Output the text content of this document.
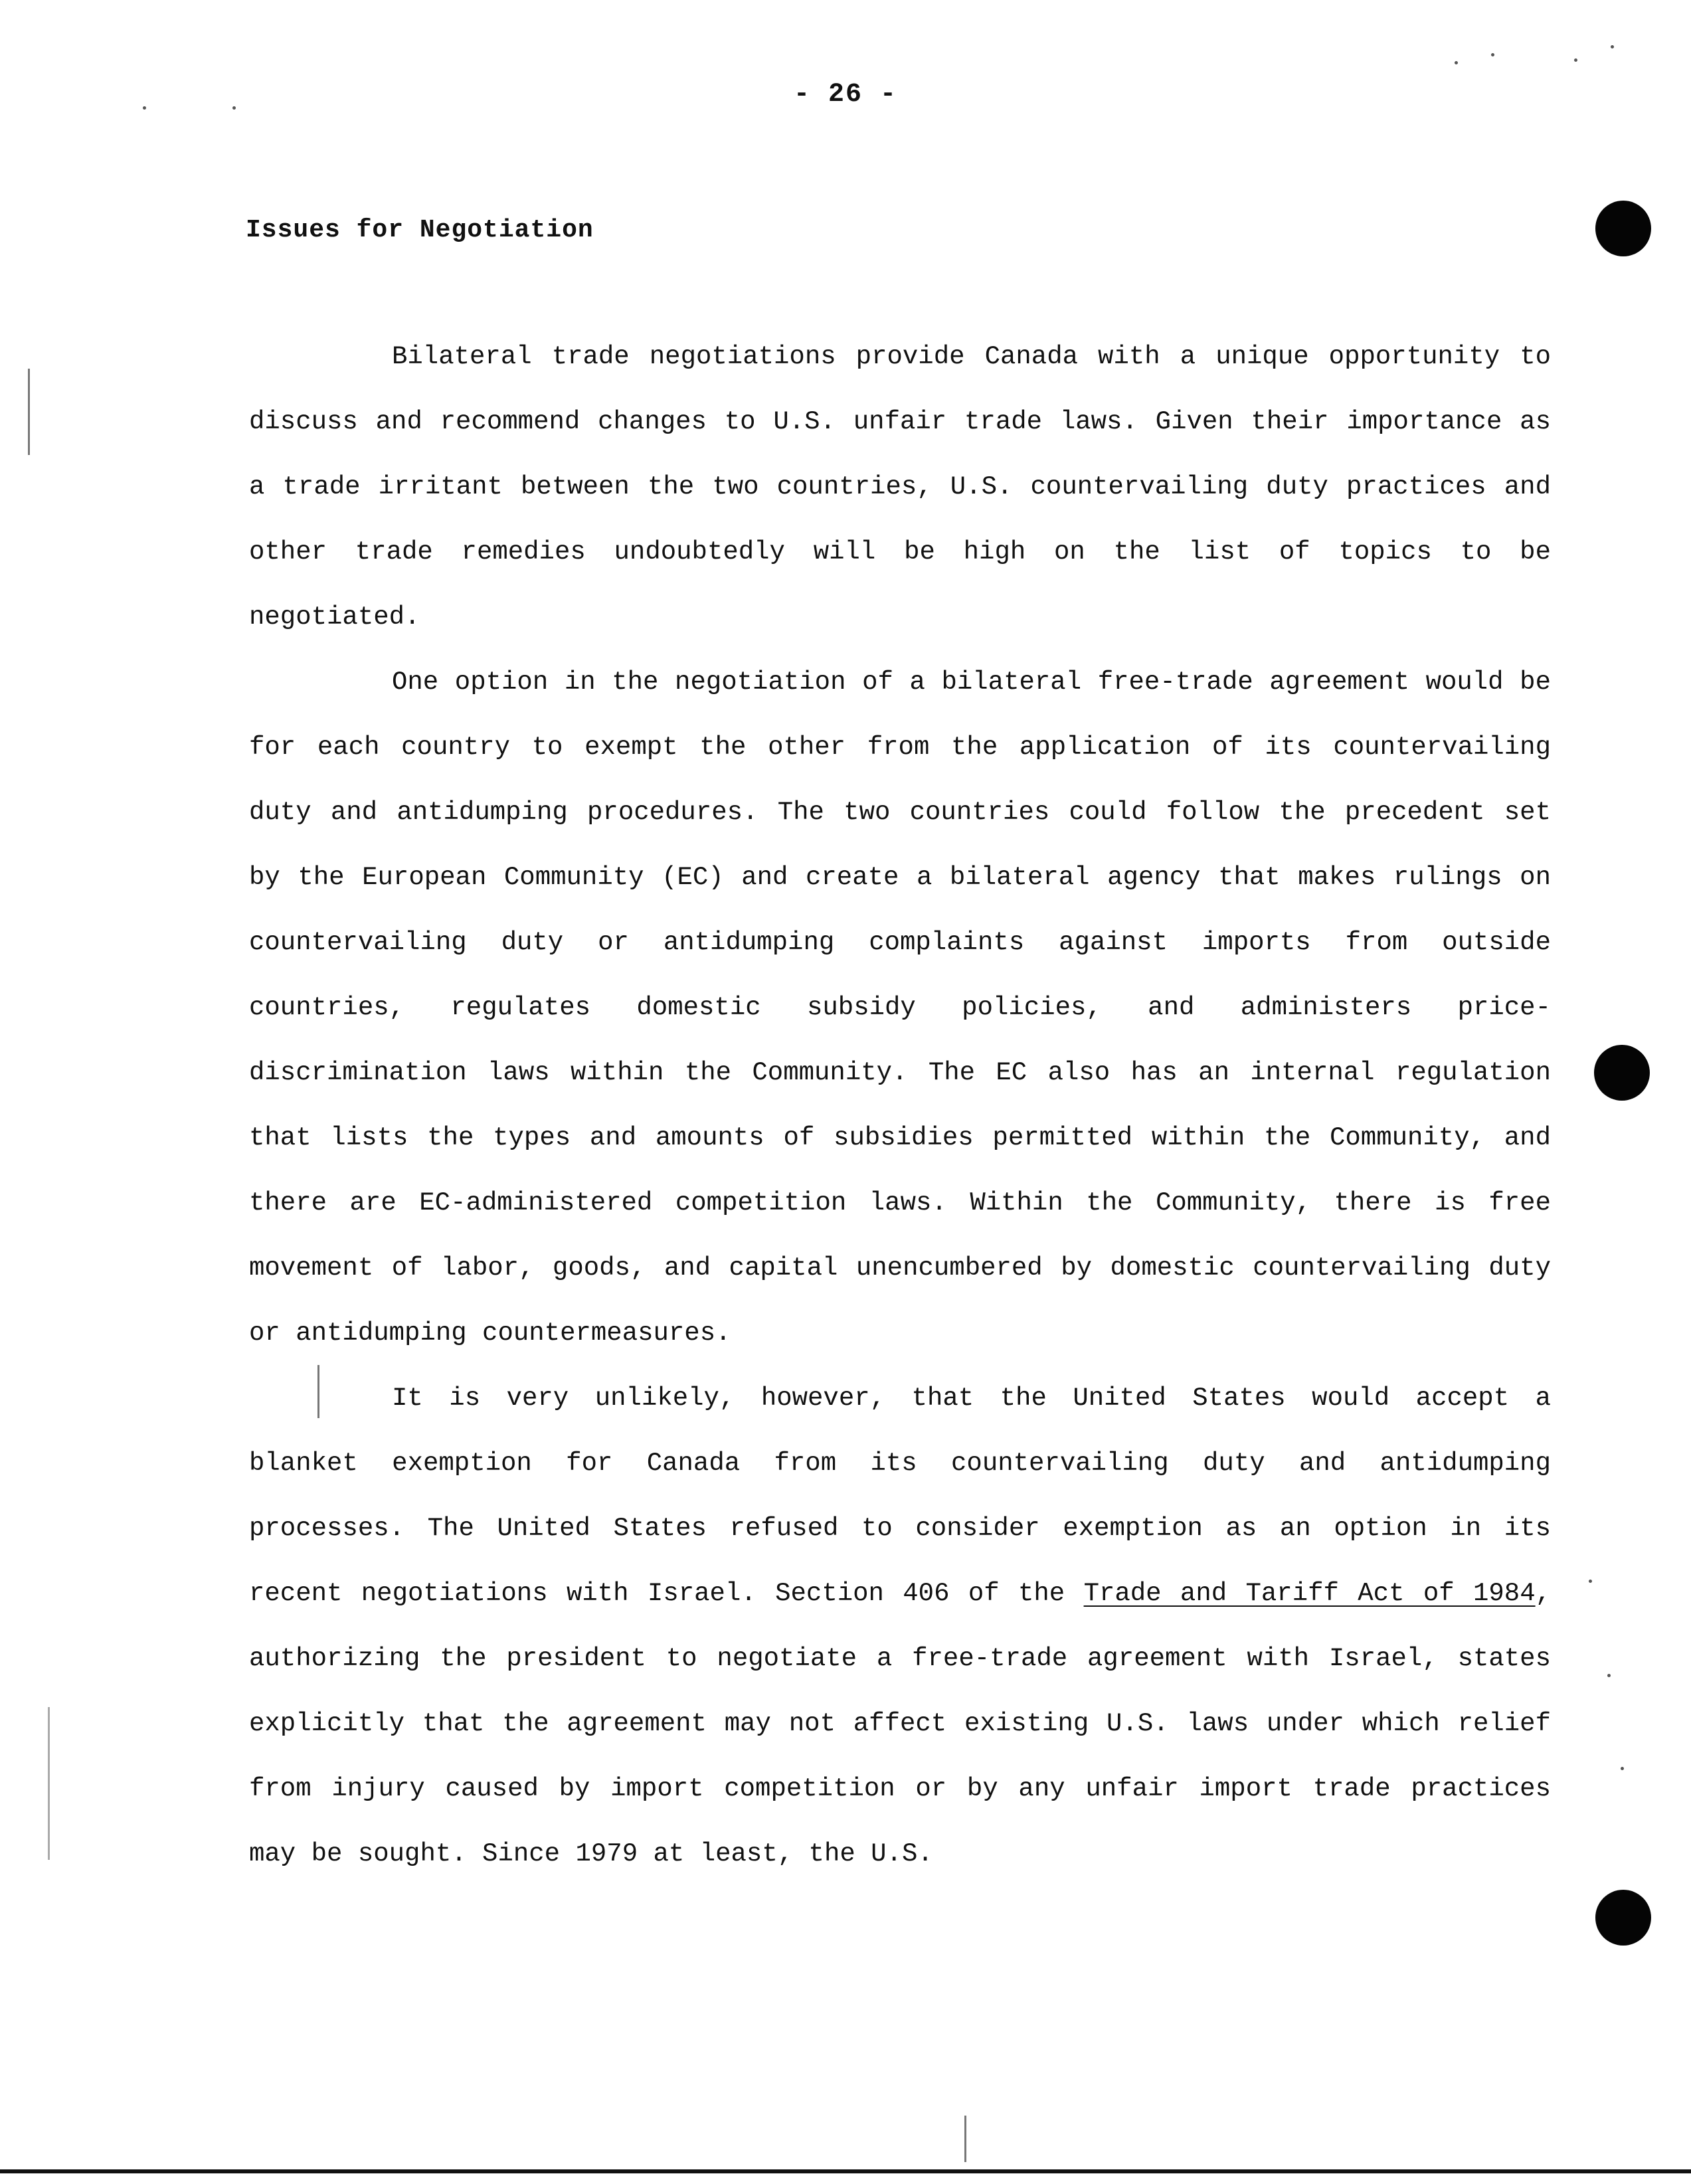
- 26 -
Issues for Negotiation

Bilateral trade negotiations provide Canada with a unique opportunity to discuss and recommend changes to U.S. unfair trade laws. Given their importance as a trade irritant between the two countries, U.S. countervailing duty practices and other trade remedies undoubtedly will be high on the list of topics to be negotiated.

One option in the negotiation of a bilateral free-trade agreement would be for each country to exempt the other from the application of its countervailing duty and antidumping procedures. The two countries could follow the precedent set by the European Community (EC) and create a bilateral agency that makes rulings on countervailing duty or antidumping complaints against imports from outside countries, regulates domestic subsidy policies, and administers price-discrimination laws within the Community. The EC also has an internal regulation that lists the types and amounts of subsidies permitted within the Community, and there are EC-administered competition laws. Within the Community, there is free movement of labor, goods, and capital unencumbered by domestic countervailing duty or antidumping countermeasures.

It is very unlikely, however, that the United States would accept a blanket exemption for Canada from its countervailing duty and antidumping processes. The United States refused to consider exemption as an option in its recent negotiations with Israel. Section 406 of the Trade and Tariff Act of 1984, authorizing the president to negotiate a free-trade agreement with Israel, states explicitly that the agreement may not affect existing U.S. laws under which relief from injury caused by import competition or by any unfair import trade practices may be sought. Since 1979 at least, the U.S.
